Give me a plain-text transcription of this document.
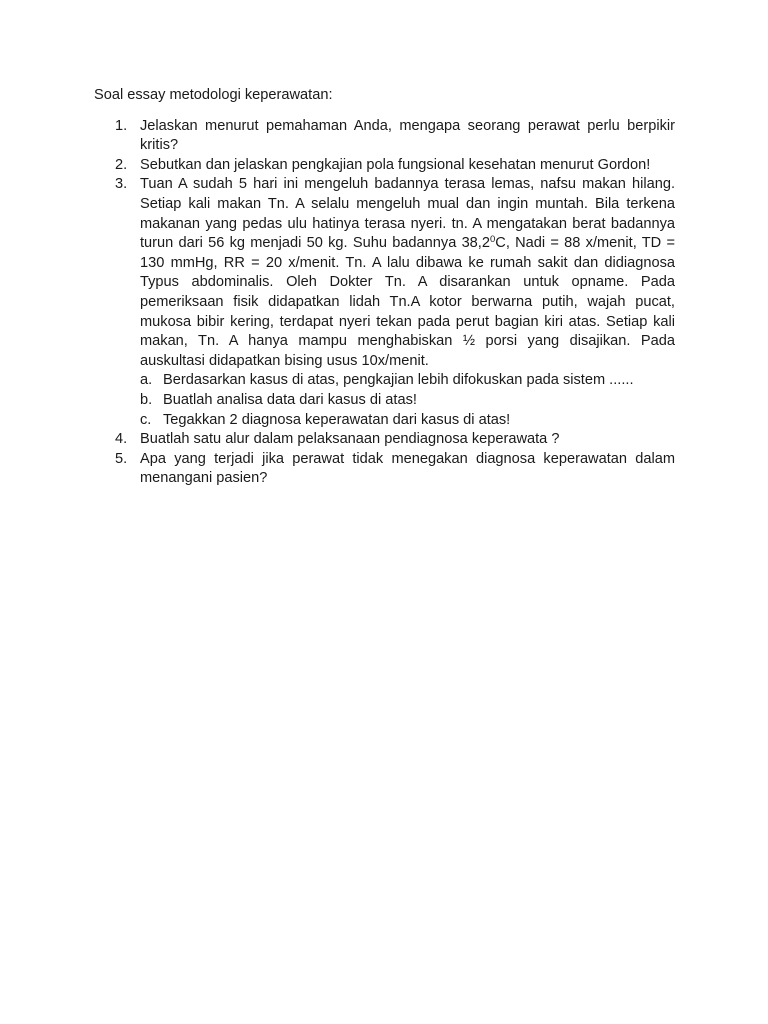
Soal essay metodologi keperawatan:

1. Jelaskan menurut pemahaman Anda, mengapa seorang perawat perlu berpikir kritis?
2. Sebutkan dan jelaskan pengkajian pola fungsional kesehatan menurut Gordon!
3. Tuan A sudah 5 hari ini mengeluh badannya terasa lemas, nafsu makan hilang. Setiap kali makan Tn. A selalu mengeluh mual dan ingin muntah. Bila terkena makanan yang pedas ulu hatinya terasa nyeri. tn. A mengatakan berat badannya turun dari 56 kg menjadi 50 kg. Suhu badannya 38,2$^0$C, Nadi = 88 x/menit, TD = 130 mmHg, RR = 20 x/menit. Tn. A lalu dibawa ke rumah sakit dan didiagnosa Typus abdominalis. Oleh Dokter Tn. A disarankan untuk opname. Pada pemeriksaan fisik didapatkan lidah Tn.A kotor berwarna putih, wajah pucat, mukosa bibir kering, terdapat nyeri tekan pada perut bagian kiri atas. Setiap kali makan, Tn. A hanya mampu menghabiskan ½ porsi yang disajikan. Pada auskultasi didapatkan bising usus 10x/menit.
a. Berdasarkan kasus di atas, pengkajian lebih difokuskan pada sistem ......
b. Buatlah analisa data dari kasus di atas!
c. Tegakkan 2 diagnosa keperawatan dari kasus di atas!
4. Buatlah satu alur dalam pelaksanaan pendiagnosa keperawata ?
5. Apa yang terjadi jika perawat tidak menegakan diagnosa keperawatan dalam menangani pasien?
